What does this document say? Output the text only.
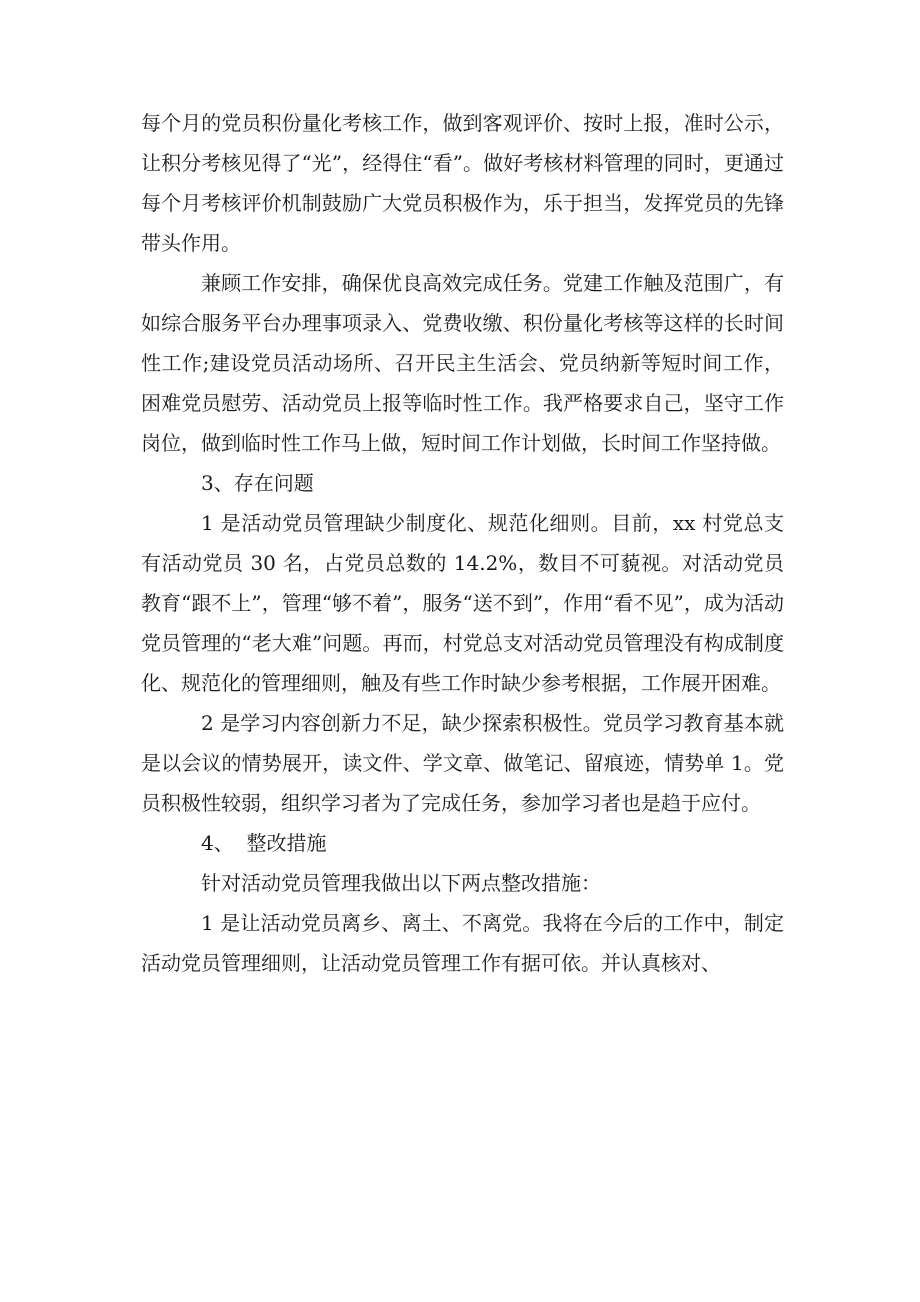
每个月的党员积份量化考核工作，做到客观评价、按时上报，准时公示，让积分考核见得了“光”，经得住“看”。做好考核材料管理的同时，更通过每个月考核评价机制鼓励广大党员积极作为，乐于担当，发挥党员的先锋带头作用。

兼顾工作安排，确保优良高效完成任务。党建工作触及范围广，有如综合服务平台办理事项录入、党费收缴、积份量化考核等这样的长时间性工作;建设党员活动场所、召开民主生活会、党员纳新等短时间工作，困难党员慰劳、活动党员上报等临时性工作。我严格要求自己，坚守工作岗位，做到临时性工作马上做，短时间工作计划做，长时间工作坚持做。

3、存在问题

1 是活动党员管理缺少制度化、规范化细则。目前，xx 村党总支有活动党员 30 名，占党员总数的 14.2%，数目不可藐视。对活动党员教育“跟不上”，管理“够不着”，服务“送不到”，作用“看不见”，成为活动党员管理的“老大难”问题。再而，村党总支对活动党员管理没有构成制度化、规范化的管理细则，触及有些工作时缺少参考根据，工作展开困难。

2 是学习内容创新力不足，缺少探索积极性。党员学习教育基本就是以会议的情势展开，读文件、学文章、做笔记、留痕迹，情势单 1。党员积极性较弱，组织学习者为了完成任务，参加学习者也是趋于应付。

4、  整改措施

针对活动党员管理我做出以下两点整改措施：

1 是让活动党员离乡、离土、不离党。我将在今后的工作中，制定活动党员管理细则，让活动党员管理工作有据可依。并认真核对、
